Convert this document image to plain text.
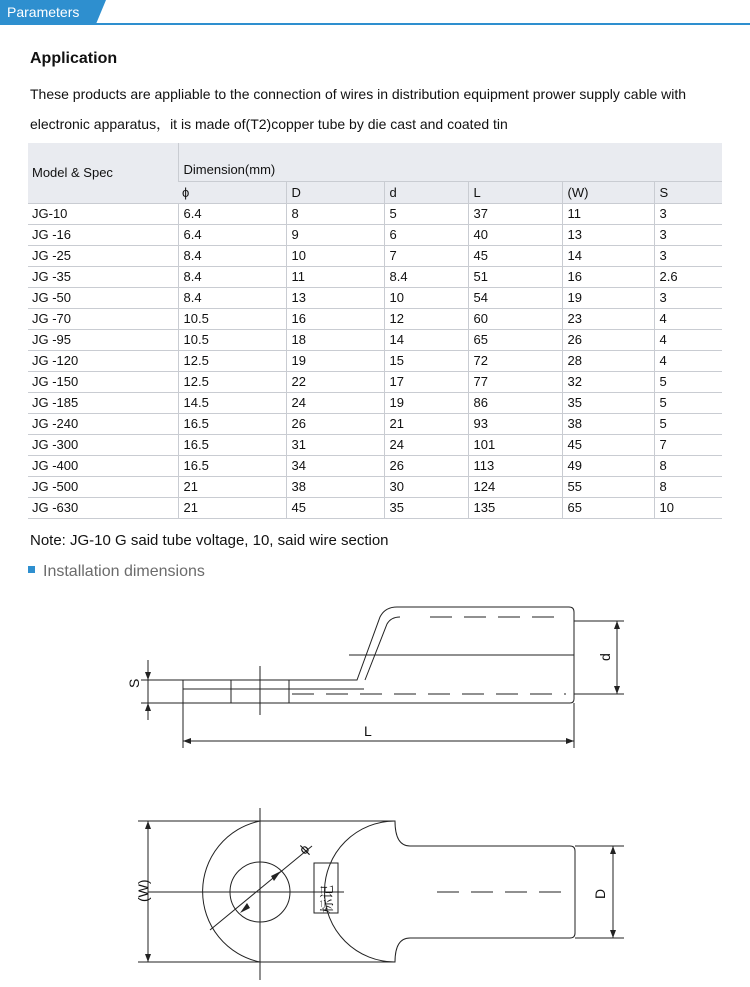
Parameters
Application
These products are appliable to the connection of wires in distribution equipment prower supply cable with
electronic apparatus，it is made of(T2)copper tube by die cast and coated tin
Model & Spec	Dimension(mm)					
	ϕ	D	d	L	(W)	S
JG-10	6.4	8	5	37	11	3
JG -16	6.4	9	6	40	13	3
JG -25	8.4	10	7	45	14	3
JG -35	8.4	11	8.4	51	16	2.6
JG -50	8.4	13	10	54	19	3
JG -70	10.5	16	12	60	23	4
JG -95	10.5	18	14	65	26	4
JG -120	12.5	19	15	72	28	4
JG -150	12.5	22	17	77	32	5
JG -185	14.5	24	19	86	35	5
JG -240	16.5	26	21	93	38	5
JG -300	16.5	31	24	101	45	7
JG -400	16.5	34	26	113	49	8
JG -500	21	38	30	124	55	8
JG -630	21	45	35	135	65	10
Note: JG-10 G said tube voltage, 10, said wire section
Installation dimensions
S
d
L
(W)	D
ϕ
标记
